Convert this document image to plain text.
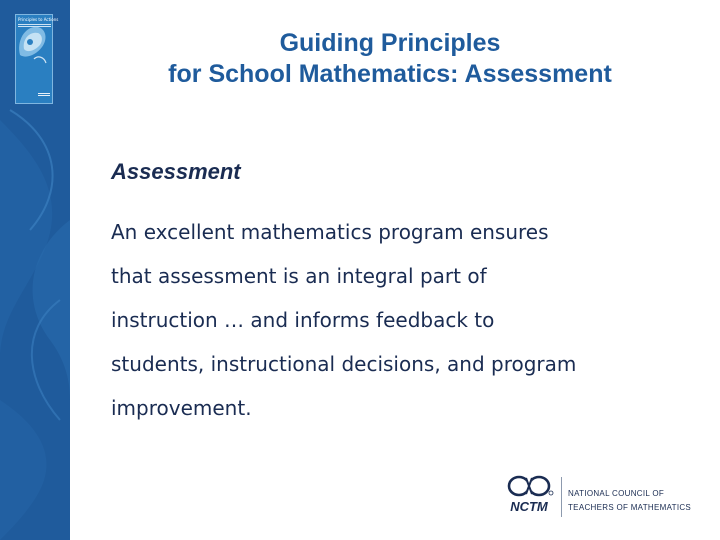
Principles to Actions
Guiding Principles
for School Mathematics: Assessment
Assessment

An excellent mathematics program ensures
that assessment is an integral part of
instruction … and informs feedback to
students, instructional decisions, and program
improvement.

NCTM
NATIONAL COUNCIL OF
TEACHERS OF MATHEMATICS
